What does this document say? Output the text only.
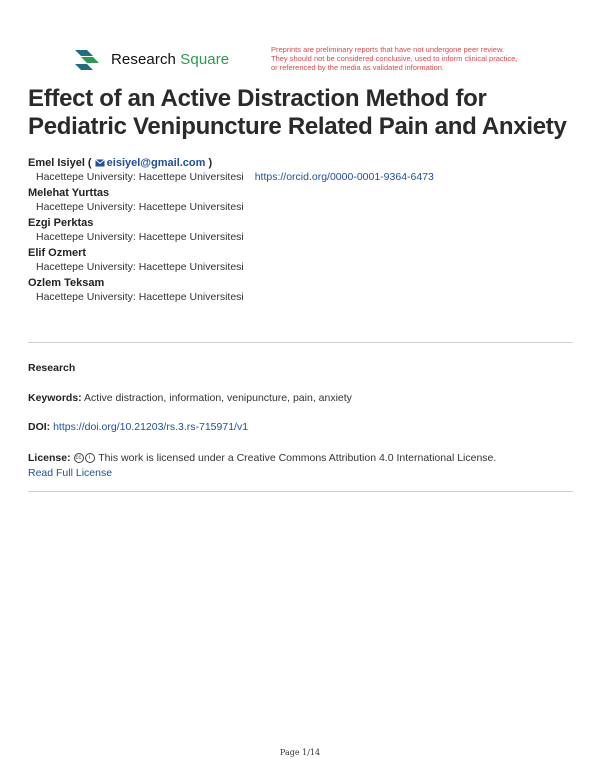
Research Square
Preprints are preliminary reports that have not undergone peer review.
They should not be considered conclusive, used to inform clinical practice,
or referenced by the media as validated information.
Effect of an Active Distraction Method for Pediatric Venipuncture Related Pain and Anxiety
Emel Isiyel ( eisiyel@gmail.com )
Hacettepe University: Hacettepe Universitesi https://orcid.org/0000-0001-9364-6473
Melehat Yurttas
Hacettepe University: Hacettepe Universitesi
Ezgi Perktas
Hacettepe University: Hacettepe Universitesi
Elif Ozmert
Hacettepe University: Hacettepe Universitesi
Ozlem Teksam
Hacettepe University: Hacettepe Universitesi
Research
Keywords: Active distraction, information, venipuncture, pain, anxiety
DOI: https://doi.org/10.21203/rs.3.rs-715971/v1
License: cc i This work is licensed under a Creative Commons Attribution 4.0 International License.
Read Full License
Page 1/14
